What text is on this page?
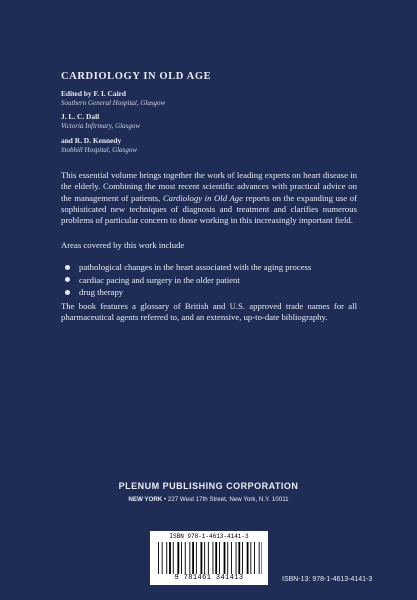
CARDIOLOGY IN OLD AGE
Edited by F. I. Caird
Southern General Hospital, Glasgow
J. L. C. Dall
Victoria Infirmary, Glasgow
and R. D. Kennedy
Stobhill Hospital, Glasgow
This essential volume brings together the work of leading experts on heart disease in the elderly. Combining the most recent scientific advances with practical advice on the management of patients, Cardiology in Old Age reports on the expanding use of sophisticated new techniques of diagnosis and treatment and clarifies numerous problems of particular concern to those working in this increasingly important field.
Areas covered by this work include
pathological changes in the heart associated with the aging process
cardiac pacing and surgery in the older patient
drug therapy
The book features a glossary of British and U.S. approved trade names for all pharmaceutical agents referred to, and an extensive, up-to-date bibliography.
PLENUM PUBLISHING CORPORATION
NEW YORK • 227 West 17th Street, New York, N.Y. 10011
ISBN 978-1-4613-4141-3
9 781461 341413	ISBN-13: 978-1-4613-4141-3
